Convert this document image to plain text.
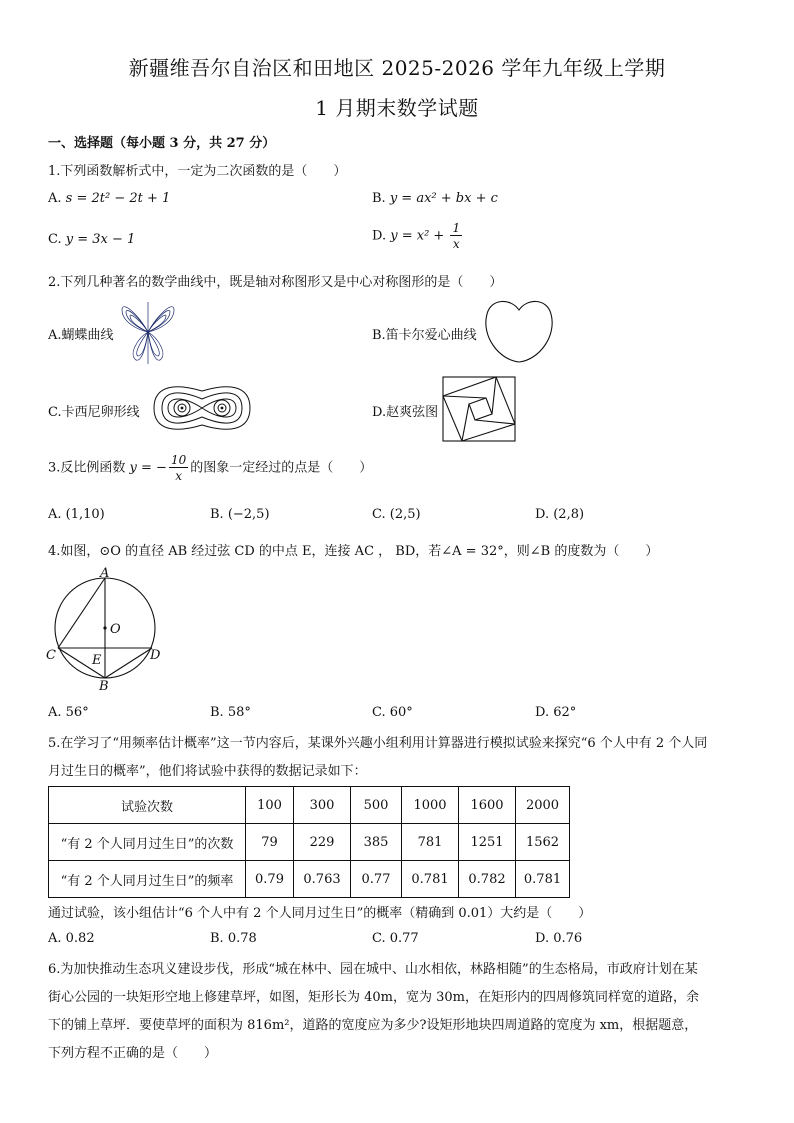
新疆维吾尔自治区和田地区 2025-2026 学年九年级上学期
1 月期末数学试题
一、选择题（每小题 3 分，共 27 分）
1.下列函数解析式中，一定为二次函数的是（　　）
A. s = 2t² − 2t + 1	B. y = ax² + bx + c
C. y = 3x − 1	D. $y = x^2 + \frac{1}{x}$
2.下列几种著名的数学曲线中，既是轴对称图形又是中心对称图形的是（　　）
A.蝴蝶曲线	B.笛卡尔爱心曲线
C.卡西尼卵形线	D.赵爽弦图
3.反比例函数 y = − $\frac{10}{x}$ 的图象一定经过的点是（　　）
A. (1,10)	B. (−2,5)	C. (2,5)	D. (2,8)
4.如图，⊙O 的直径 AB 经过弦 CD 的中点 E，连接 AC ， BD，若∠A = 32°，则∠B 的度数为（　　）
A
O
C	E	D
B
A. 56°	B. 58°	C. 60°	D. 62°
5.在学习了“用频率估计概率”这一节内容后，某课外兴趣小组利用计算器进行模拟试验来探究“6 个人中有 2 个人同
月过生日的概率”，他们将试验中获得的数据记录如下：
试验次数	100	300	500	1000	1600	2000
“有 2 个人同月过生日”的次数	79	229	385	781	1251	1562
“有 2 个人同月过生日”的频率	0.79	0.763	0.77	0.781	0.782	0.781
通过试验，该小组估计“6 个人中有 2 个人同月过生日”的概率（精确到 0.01）大约是（　　）
A. 0.82	B. 0.78	C. 0.77	D. 0.76
6.为加快推动生态巩义建设步伐，形成“城在林中、园在城中、山水相依，林路相随”的生态格局，市政府计划在某
街心公园的一块矩形空地上修建草坪，如图，矩形长为 40m，宽为 30m，在矩形内的四周修筑同样宽的道路，余
下的铺上草坪．要使草坪的面积为 816m²，道路的宽度应为多少?设矩形地块四周道路的宽度为 xm，根据题意，
下列方程不正确的是（　　）
